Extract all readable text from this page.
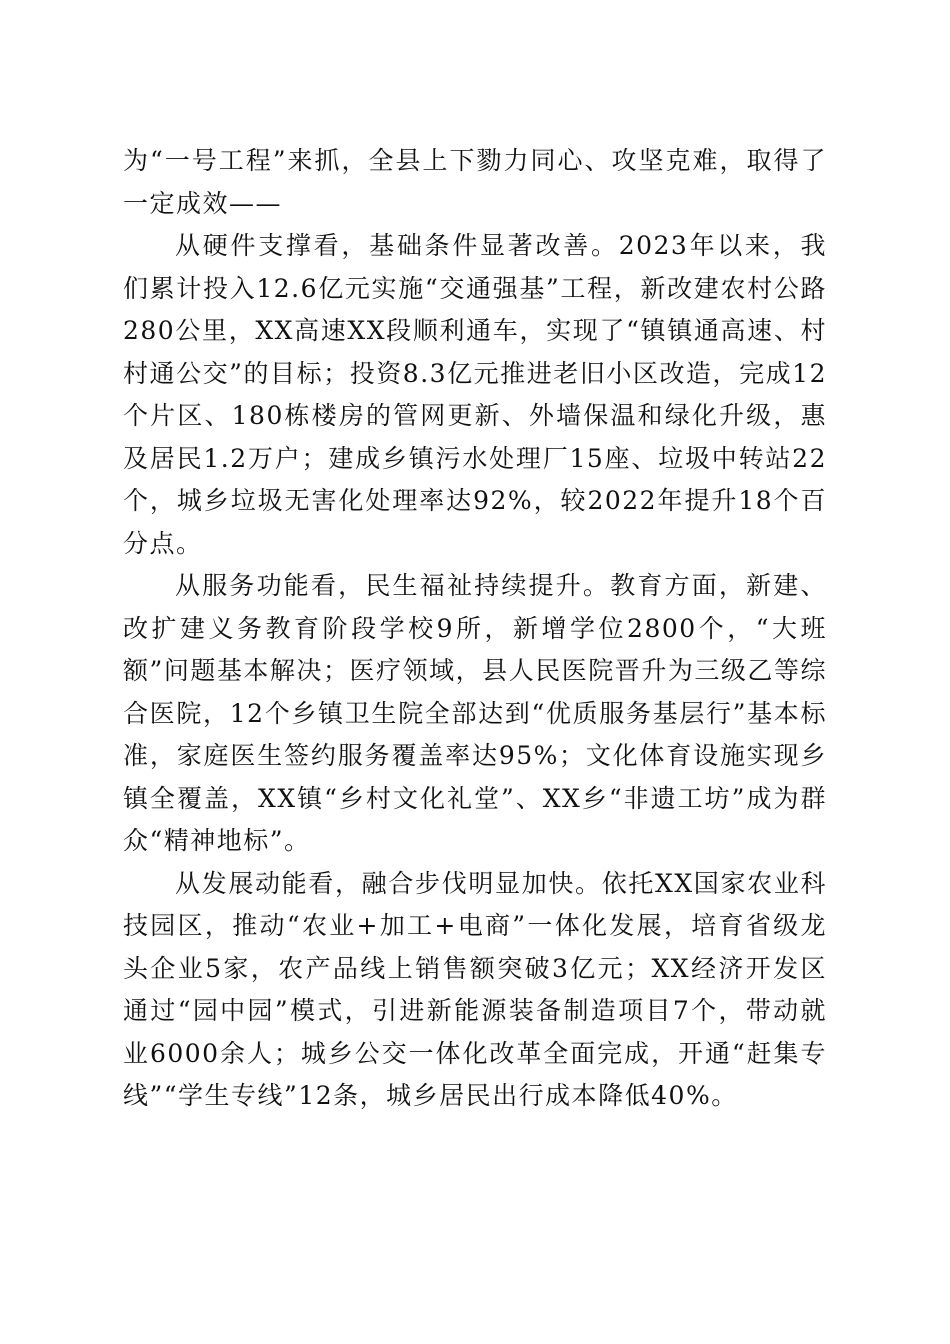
为“一号工程”来抓，全县上下勠力同心、攻坚克难，取得了一定成效——

从硬件支撑看，基础条件显著改善。2023年以来，我们累计投入12.6亿元实施“交通强基”工程，新改建农村公路280公里，XX高速XX段顺利通车，实现了“镇镇通高速、村村通公交”的目标；投资8.3亿元推进老旧小区改造，完成12个片区、180栋楼房的管网更新、外墙保温和绿化升级，惠及居民1.2万户；建成乡镇污水处理厂15座、垃圾中转站22个，城乡垃圾无害化处理率达92%，较2022年提升18个百分点。

从服务功能看，民生福祉持续提升。教育方面，新建、改扩建义务教育阶段学校9所，新增学位2800个，“大班额”问题基本解决；医疗领域，县人民医院晋升为三级乙等综合医院，12个乡镇卫生院全部达到“优质服务基层行”基本标准，家庭医生签约服务覆盖率达95%；文化体育设施实现乡镇全覆盖，XX镇“乡村文化礼堂”、XX乡“非遗工坊”成为群众“精神地标”。

从发展动能看，融合步伐明显加快。依托XX国家农业科技园区，推动“农业+加工+电商”一体化发展，培育省级龙头企业5家，农产品线上销售额突破3亿元；XX经济开发区通过“园中园”模式，引进新能源装备制造项目7个，带动就业6000余人；城乡公交一体化改革全面完成，开通“赶集专线”“学生专线”12条，城乡居民出行成本降低40%。
